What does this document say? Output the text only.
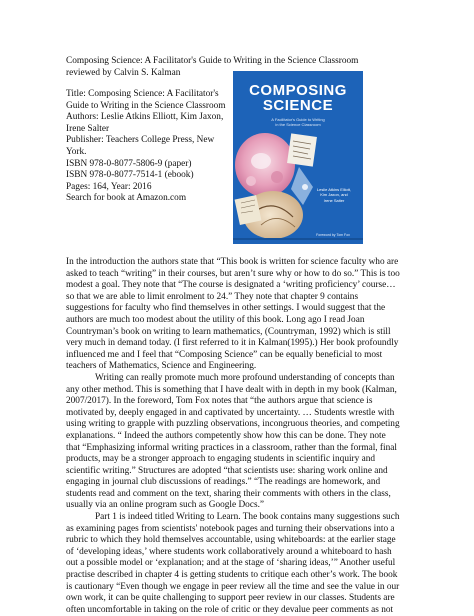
Composing Science: A Facilitator's Guide to Writing in the Science Classroom
reviewed by Calvin S. Kalman
Title: Composing Science: A Facilitator's
Guide to Writing in the Science Classroom
Authors: Leslie Atkins Elliott, Kim Jaxon,
Irene Salter
Publisher: Teachers College Press, New
York.
ISBN 978-0-8077-5806-9 (paper)
ISBN 978-0-8077-7514-1 (ebook)
Pages: 164, Year: 2016
Search for book at Amazon.com
COMPOSING
SCIENCE
A Facilitator's Guide to Writing
in the Science Classroom
Leslie Atkins Elliott,
Kim Jaxon, and
Irene Salter
Foreword by Tom Fox
In the introduction the authors state that “This book is written for science faculty who are
asked to teach “writing” in their courses, but aren’t sure why or how to do so.” This is too
modest a goal. They note that “The course is designated a ‘writing proficiency’ course…
so that we are able to limit enrolment to 24.” They note that chapter 9 contains
suggestions for faculty who find themselves in other settings. I would suggest that the
authors are much too modest about the utility of this book. Long ago I read Joan
Countryman’s book on writing to learn mathematics, (Countryman, 1992) which is still
very much in demand today. (I first referred to it in Kalman(1995).) Her book profoundly
influenced me and I feel that “Composing Science” can be equally beneficial to most
teachers of Mathematics, Science and Engineering.
Writing can really promote much more profound understanding of concepts than
any other method. This is something that I have dealt with in depth in my book (Kalman,
2007/2017). In the foreword, Tom Fox notes that “the authors argue that science is
motivated by, deeply engaged in and captivated by uncertainty. … Students wrestle with
using writing to grapple with puzzling observations, incongruous theories, and competing
explanations. “ Indeed the authors competently show how this can be done. They note
that “Emphasizing informal writing practices in a classroom, rather than the formal, final
products, may be a stronger approach to engaging students in scientific inquiry and
scientific writing.” Structures are adopted “that scientists use: sharing work online and
engaging in journal club discussions of readings.” “The readings are homework, and
students read and comment on the text, sharing their comments with others in the class,
usually via an online program such as Google Docs.”
Part 1 is indeed titled Writing to Learn. The book contains many suggestions such
as examining pages from scientists' notebook pages and turning their observations into a
rubric to which they hold themselves accountable, using whiteboards: at the earlier stage
of ‘developing ideas,’ where students work collaboratively around a whiteboard to hash
out a possible model or ‘explanation; and at the stage of ‘sharing ideas,’” Another useful
practise described in chapter 4 is getting students to critique each other’s work. The book
is cautionary “Even though we engage in peer review all the time and see the value in our
own work, it can be quite challenging to support peer review in our classes. Students are
often uncomfortable in taking on the role of critic or they devalue peer comments as not
